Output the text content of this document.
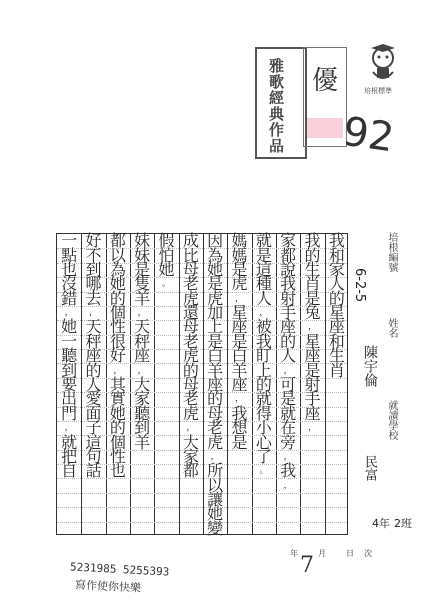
雅歌經典作品 優
92
培根標準
我
和
家
人
的
星
座
和
生
肖
我
的
生
肖
是
兔
，
星
座
是
射
手
座
，
家
都
說
我
射
手
座
的
人
，
可
是
就
在
旁
，
我
，
就
是
這
種
人
，
被
我
盯
上
的
就
得
小
心
了
。
媽
媽
是
虎
，
星
座
是
白
羊
座
，
我
想
是
因
為
她
是
虎
加
上
是
白
羊
座
的
母
老
虎
，
所
以
讓
她
變
成
比
母
老
虎
還
母
老
虎
的
母
老
虎
，
大
家
都
假
怕
她
。
妹
妹
是
隻
羊
，
天
秤
座
，
大
家
聽
到
羊
都
以
為
她
的
個
性
很
好
，
其
實
她
的
個
性
也
好
不
到
哪
去
，
天
秤
座
的
人
愛
面
子
這
句
話
一
點
也
沒
錯
，
她
一
聽
到
要
出
門
，
就
把
自
培根編號
6-2-5
姓名
陳宇倫
就讀學校
民富
4年 2班
年	月	日 次
7
5231985 5255393
寫作使你快樂
